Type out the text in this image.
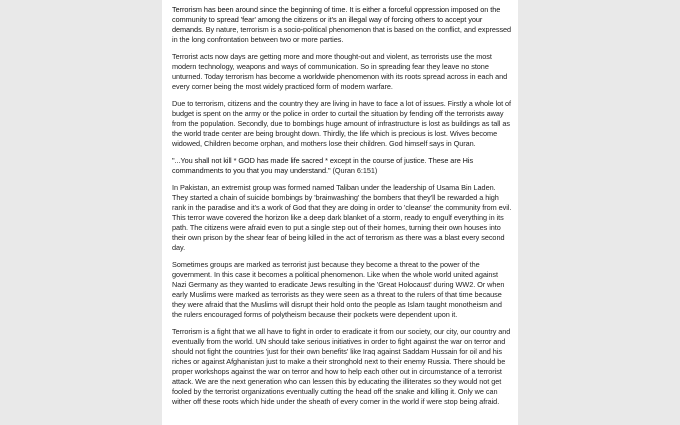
Terrorism has been around since the beginning of time. It is either a forceful oppression imposed on the community to spread 'fear' among the citizens or it's an illegal way of forcing others to accept your demands. By nature, terrorism is a socio-political phenomenon that is based on the conflict, and expressed in the long confrontation between two or more parties.

Terrorist acts now days are getting more and more thought-out and violent, as terrorists use the most modern technology, weapons and ways of communication. So in spreading fear they leave no stone unturned. Today terrorism has become a worldwide phenomenon with its roots spread across in each and every corner being the most widely practiced form of modern warfare.

Due to terrorism, citizens and the country they are living in have to face a lot of issues. Firstly a whole lot of budget is spent on the army or the police in order to curtail the situation by fending off the terrorists away from the population. Secondly, due to bombings huge amount of infrastructure is lost as buildings as tall as the world trade center are being brought down. Thirdly, the life which is precious is lost. Wives become widowed, Children become orphan, and mothers lose their children. God himself says in Quran.

"...You shall not kill * GOD has made life sacred * except in the course of justice. These are His commandments to you that you may understand." (Quran 6:151)

In Pakistan, an extremist group was formed named Taliban under the leadership of Usama Bin Laden. They started a chain of suicide bombings by 'brainwashing' the bombers that they'll be rewarded a high rank in the paradise and it's a work of God that they are doing in order to 'cleanse' the community from evil. This terror wave covered the horizon like a deep dark blanket of a storm, ready to engulf everything in its path. The citizens were afraid even to put a single step out of their homes, turning their own houses into their own prison by the shear fear of being killed in the act of terrorism as there was a blast every second day.

Sometimes groups are marked as terrorist just because they become a threat to the power of the government. In this case it becomes a political phenomenon. Like when the whole world united against Nazi Germany as they wanted to eradicate Jews resulting in the 'Great Holocaust' during WW2. Or when early Muslims were marked as terrorists as they were seen as a threat to the rulers of that time because they were afraid that the Muslims will disrupt their hold onto the people as Islam taught monotheism and the rulers encouraged forms of polytheism because their pockets were dependent upon it.

Terrorism is a fight that we all have to fight in order to eradicate it from our society, our city, our country and eventually from the world. UN should take serious initiatives in order to fight against the war on terror and should not fight the countries 'just for their own benefits' like Iraq against Saddam Hussain for oil and his riches or against Afghanistan just to make a their stronghold next to their enemy Russia. There should be proper workshops against the war on terror and how to help each other out in circumstance of a terrorist attack. We are the next generation who can lessen this by educating the illiterates so they would not get fooled by the terrorist organizations eventually cutting the head off the snake and killing it. Only we can wither off these roots which hide under the sheath of every corner in the world if were stop being afraid.
